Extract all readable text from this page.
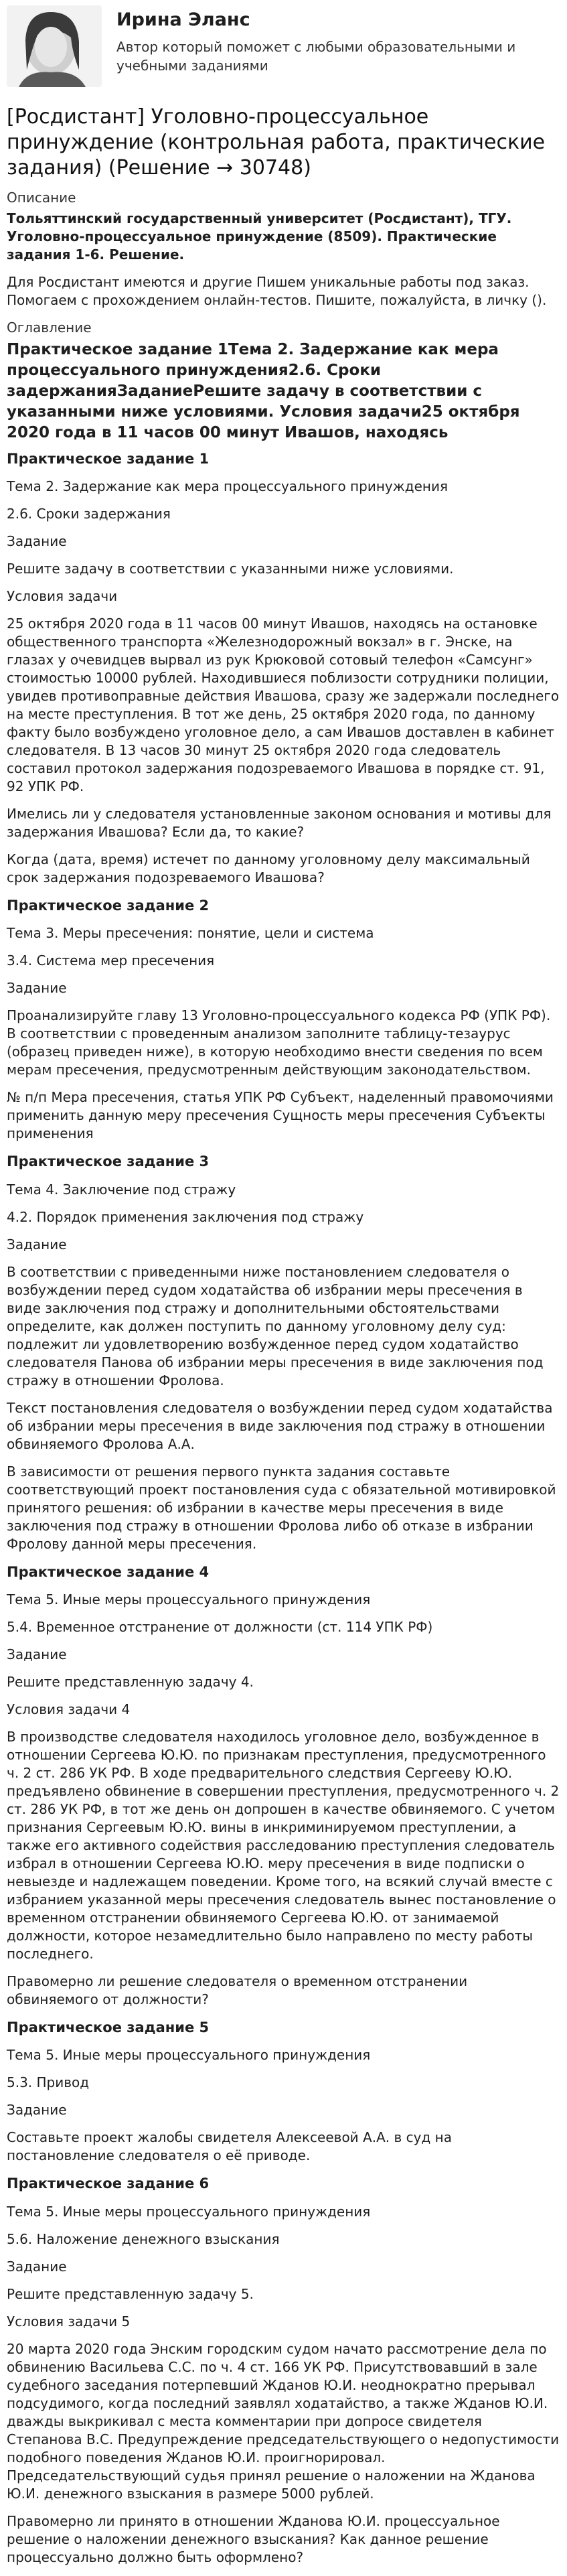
Ирина Эланс
Автор который поможет с любыми образовательными и учебными заданиями
[Росдистант] Уголовно-процессуальное принуждение (контрольная работа, практические задания) (Решение → 30748)
Описание
Тольяттинский государственный университет (Росдистант), ТГУ. Уголовно-процессуальное принуждение (8509). Практические задания 1-6. Решение.
Для Росдистант имеются и другие Пишем уникальные работы под заказ. Помогаем с прохождением онлайн-тестов. Пишите, пожалуйста, в личку ().
Оглавление
Практическое задание 1Тема 2. Задержание как мера процессуального принуждения2.6. Сроки задержанияЗаданиеРешите задачу в соответствии с указанными ниже условиями. Условия задачи25 октября 2020 года в 11 часов 00 минут Ивашов, находясь
Практическое задание 1
Тема 2. Задержание как мера процессуального принуждения
2.6. Сроки задержания
Задание
Решите задачу в соответствии с указанными ниже условиями.
Условия задачи
25 октября 2020 года в 11 часов 00 минут Ивашов, находясь на остановке общественного транспорта «Железнодорожный вокзал» в г. Энске, на глазах у очевидцев вырвал из рук Крюковой сотовый телефон «Самсунг» стоимостью 10000 рублей. Находившиеся поблизости сотрудники полиции, увидев противоправные действия Ивашова, сразу же задержали последнего на месте преступления. В тот же день, 25 октября 2020 года, по данному факту было возбуждено уголовное дело, а сам Ивашов доставлен в кабинет следователя. В 13 часов 30 минут 25 октября 2020 года следователь составил протокол задержания подозреваемого Ивашова в порядке ст. 91, 92 УПК РФ.
Имелись ли у следователя установленные законом основания и мотивы для задержания Ивашова? Если да, то какие?
Когда (дата, время) истечет по данному уголовному делу максимальный срок задержания подозреваемого Ивашова?
Практическое задание 2
Тема 3. Меры пресечения: понятие, цели и система
3.4. Система мер пресечения
Задание
Проанализируйте главу 13 Уголовно-процессуального кодекса РФ (УПК РФ). В соответствии с проведенным анализом заполните таблицу-тезаурус (образец приведен ниже), в которую необходимо внести сведения по всем мерам пресечения, предусмотренным действующим законодательством.
№ п/п Мера пресечения, статья УПК РФ Субъект, наделенный правомочиями применить данную меру пресечения Сущность меры пресечения Субъекты применения
Практическое задание 3
Тема 4. Заключение под стражу
4.2. Порядок применения заключения под стражу
Задание
В соответствии с приведенными ниже постановлением следователя о возбуждении перед судом ходатайства об избрании меры пресечения в виде заключения под стражу и дополнительными обстоятельствами определите, как должен поступить по данному уголовному делу суд: подлежит ли удовлетворению возбужденное перед судом ходатайство следователя Панова об избрании меры пресечения в виде заключения под стражу в отношении Фролова.
Текст постановления следователя о возбуждении перед судом ходатайства об избрании меры пресечения в виде заключения под стражу в отношении обвиняемого Фролова А.А.
В зависимости от решения первого пункта задания составьте соответствующий проект постановления суда с обязательной мотивировкой принятого решения: об избрании в качестве меры пресечения в виде заключения под стражу в отношении Фролова либо об отказе в избрании Фролову данной меры пресечения.
Практическое задание 4
Тема 5. Иные меры процессуального принуждения
5.4. Временное отстранение от должности (ст. 114 УПК РФ)
Задание
Решите представленную задачу 4.
Условия задачи 4
В производстве следователя находилось уголовное дело, возбужденное в отношении Сергеева Ю.Ю. по признакам преступления, предусмотренного ч. 2 ст. 286 УК РФ. В ходе предварительного следствия Сергееву Ю.Ю. предъявлено обвинение в совершении преступления, предусмотренного ч. 2 ст. 286 УК РФ, в тот же день он допрошен в качестве обвиняемого. С учетом признания Сергеевым Ю.Ю. вины в инкриминируемом преступлении, а также его активного содействия расследованию преступления следователь избрал в отношении Сергеева Ю.Ю. меру пресечения в виде подписки о невыезде и надлежащем поведении. Кроме того, на всякий случай вместе с избранием указанной меры пресечения следователь вынес постановление о временном отстранении обвиняемого Сергеева Ю.Ю. от занимаемой должности, которое незамедлительно было направлено по месту работы последнего.
Правомерно ли решение следователя о временном отстранении обвиняемого от должности?
Практическое задание 5
Тема 5. Иные меры процессуального принуждения
5.3. Привод
Задание
Составьте проект жалобы свидетеля Алексеевой А.А. в суд на постановление следователя о её приводе.
Практическое задание 6
Тема 5. Иные меры процессуального принуждения
5.6. Наложение денежного взыскания
Задание
Решите представленную задачу 5.
Условия задачи 5
20 марта 2020 года Энским городским судом начато рассмотрение дела по обвинению Васильева С.С. по ч. 4 ст. 166 УК РФ. Присутствовавший в зале судебного заседания потерпевший Жданов Ю.И. неоднократно прерывал подсудимого, когда последний заявлял ходатайство, а также Жданов Ю.И. дважды выкрикивал с места комментарии при допросе свидетеля Степанова В.С. Предупреждение председательствующего о недопустимости подобного поведения Жданов Ю.И. проигнорировал. Председательствующий судья принял решение о наложении на Жданова Ю.И. денежного взыскания в размере 5000 рублей.
Правомерно ли принято в отношении Жданова Ю.И. процессуальное решение о наложении денежного взыскания? Как данное решение процессуально должно быть оформлено?
